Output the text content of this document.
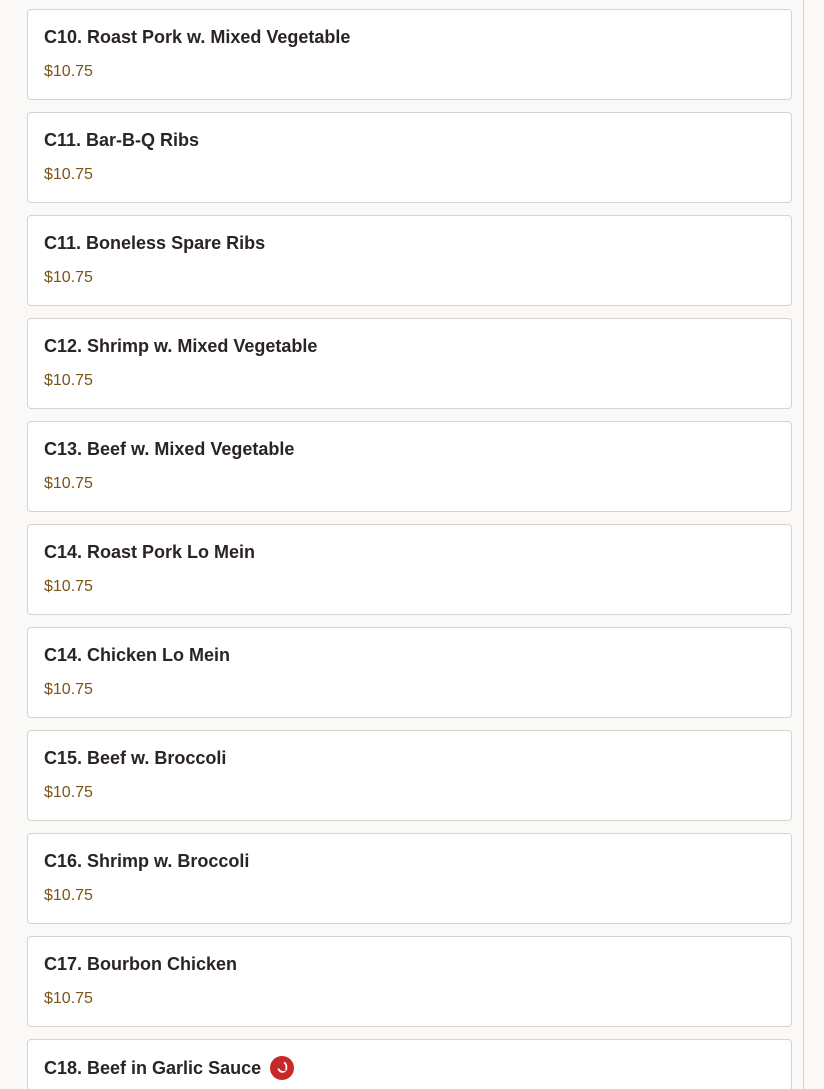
C10. Roast Pork w. Mixed Vegetable
$10.75
C11. Bar-B-Q Ribs
$10.75
C11. Boneless Spare Ribs
$10.75
C12. Shrimp w. Mixed Vegetable
$10.75
C13. Beef w. Mixed Vegetable
$10.75
C14. Roast Pork Lo Mein
$10.75
C14. Chicken Lo Mein
$10.75
C15. Beef w. Broccoli
$10.75
C16. Shrimp w. Broccoli
$10.75
C17. Bourbon Chicken
$10.75
C18. Beef in Garlic Sauce
